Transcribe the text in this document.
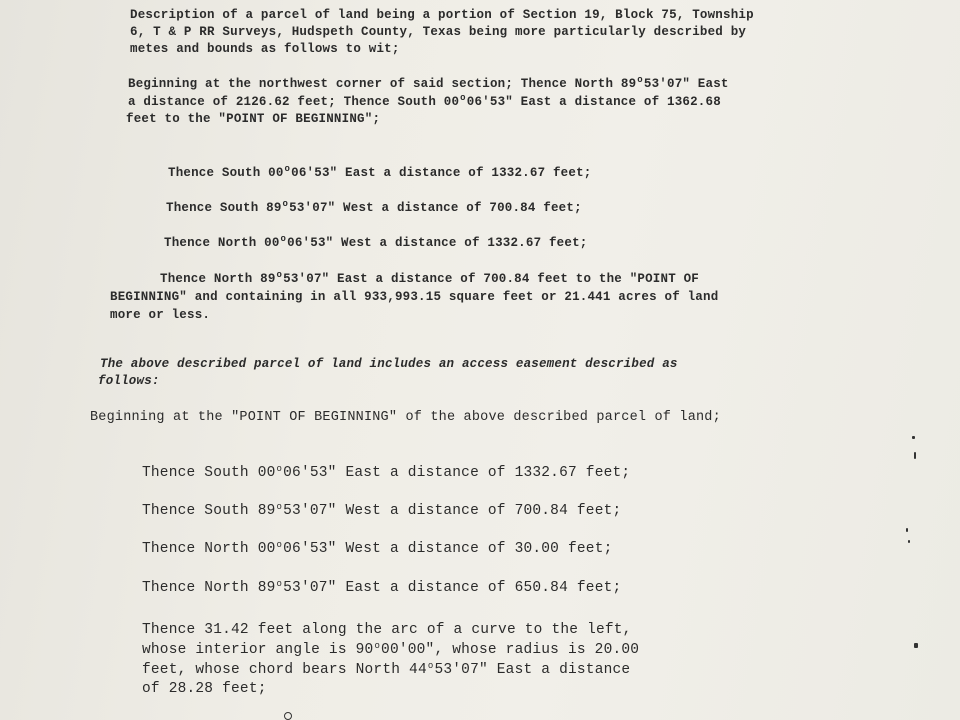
Description of a parcel of land being a portion of Section 19, Block 75, Township
6, T & P RR Surveys, Hudspeth County, Texas being more particularly described by
metes and bounds as follows to wit;
Beginning at the northwest corner of said section; Thence North 89$^o$53'07" East
a distance of 2126.62 feet; Thence South 00$^o$06'53" East a distance of 1362.68
feet to the "POINT OF BEGINNING";
Thence South 00$^o$06'53" East a distance of 1332.67 feet;
Thence South 89$^o$53'07" West a distance of 700.84 feet;
Thence North 00$^o$06'53" West a distance of 1332.67 feet;
Thence North 89$^o$53'07" East a distance of 700.84 feet to the "POINT OF
BEGINNING" and containing in all 933,993.15 square feet or 21.441 acres of land
more or less.
The above described parcel of land includes an access easement described as
follows:
Beginning at the "POINT OF BEGINNING" of the above described parcel of land;
Thence South 00$^o$06'53" East a distance of 1332.67 feet;
Thence South 89$^o$53'07" West a distance of 700.84 feet;
Thence North 00$^o$06'53" West a distance of 30.00 feet;
Thence North 89$^o$53'07" East a distance of 650.84 feet;
Thence 31.42 feet along the arc of a curve to the left,
whose interior angle is 90$^o$00'00", whose radius is 20.00
feet, whose chord bears North 44$^o$53'07" East a distance
of 28.28 feet;
